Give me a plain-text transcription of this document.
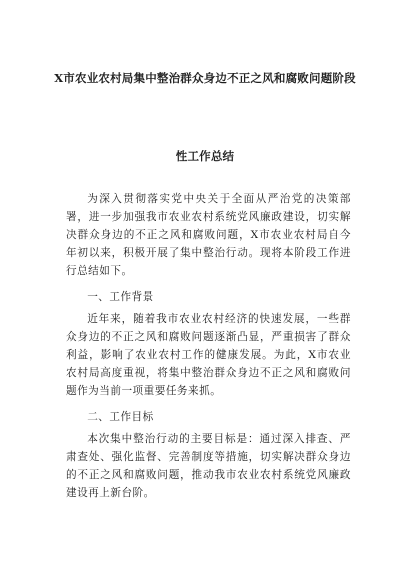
X市农业农村局集中整治群众身边不正之风和腐败问题阶段
性工作总结

为深入贯彻落实党中央关于全面从严治党的决策部署，进一步加强我市农业农村系统党风廉政建设，切实解决群众身边的不正之风和腐败问题，X市农业农村局自今年初以来，积极开展了集中整治行动。现将本阶段工作进行总结如下。

一、工作背景

近年来，随着我市农业农村经济的快速发展，一些群众身边的不正之风和腐败问题逐渐凸显，严重损害了群众利益，影响了农业农村工作的健康发展。为此，X市农业农村局高度重视，将集中整治群众身边不正之风和腐败问题作为当前一项重要任务来抓。

二、工作目标

本次集中整治行动的主要目标是：通过深入排查、严肃查处、强化监督、完善制度等措施，切实解决群众身边的不正之风和腐败问题，推动我市农业农村系统党风廉政建设再上新台阶。
